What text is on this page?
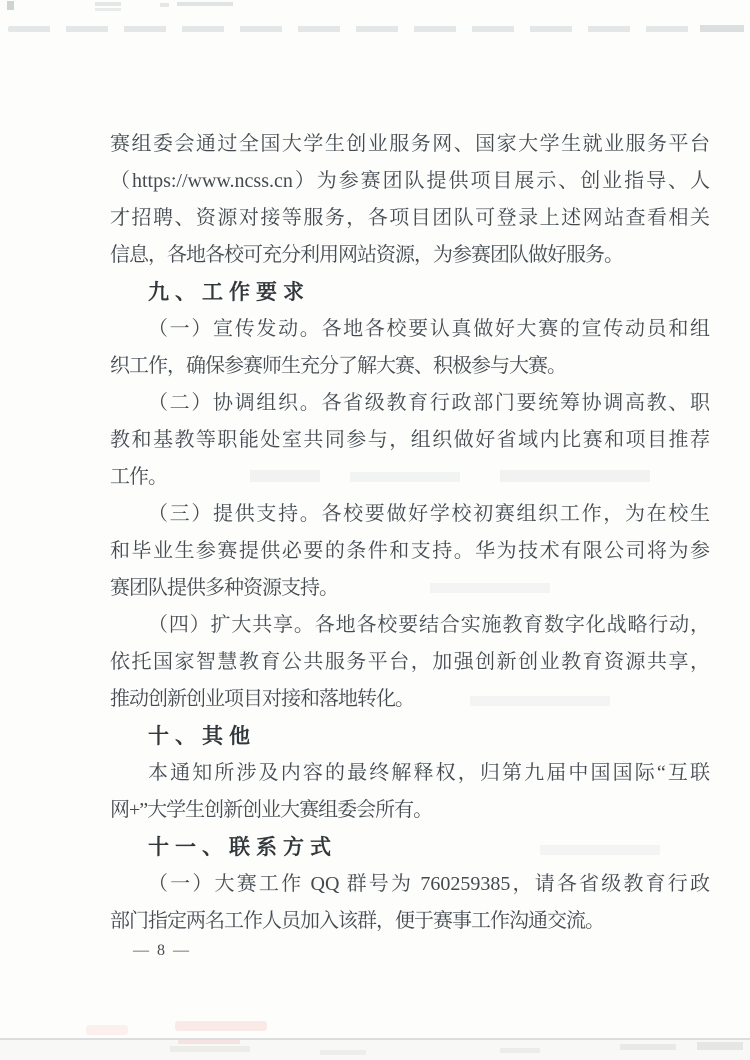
赛组委会通过全国大学生创业服务网、国家大学生就业服务平台
（https://www.ncss.cn）为参赛团队提供项目展示、创业指导、人
才招聘、资源对接等服务，各项目团队可登录上述网站查看相关
信息，各地各校可充分利用网站资源，为参赛团队做好服务。
九、工作要求
（一）宣传发动。各地各校要认真做好大赛的宣传动员和组
织工作，确保参赛师生充分了解大赛、积极参与大赛。
（二）协调组织。各省级教育行政部门要统筹协调高教、职
教和基教等职能处室共同参与，组织做好省域内比赛和项目推荐
工作。
（三）提供支持。各校要做好学校初赛组织工作，为在校生
和毕业生参赛提供必要的条件和支持。华为技术有限公司将为参
赛团队提供多种资源支持。
（四）扩大共享。各地各校要结合实施教育数字化战略行动，
依托国家智慧教育公共服务平台，加强创新创业教育资源共享，
推动创新创业项目对接和落地转化。
十、其他
本通知所涉及内容的最终解释权，归第九届中国国际“互联
网+”大学生创新创业大赛组委会所有。
十一、联系方式
（一）大赛工作 QQ 群号为 760259385，请各省级教育行政
部门指定两名工作人员加入该群，便于赛事工作沟通交流。
— 8 —
